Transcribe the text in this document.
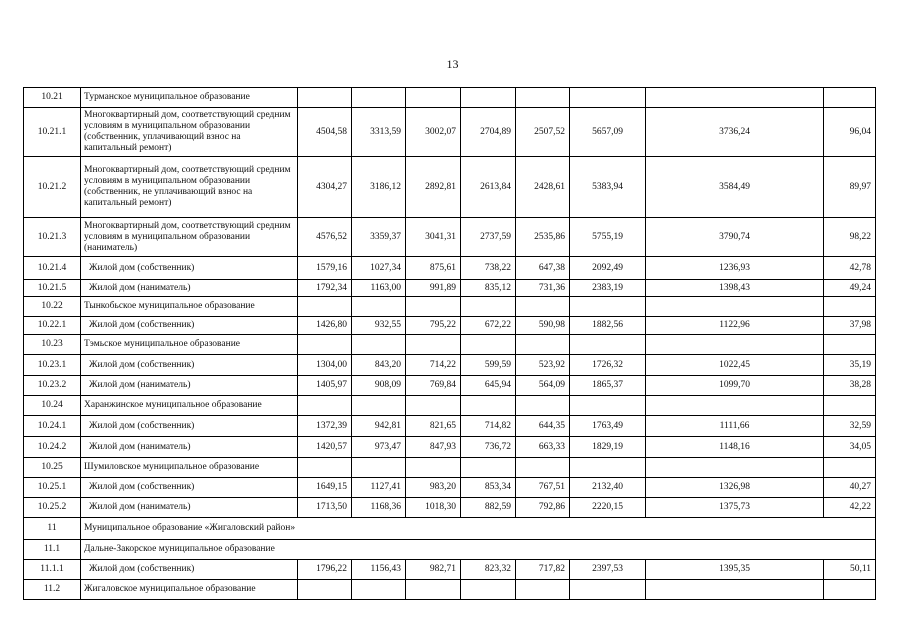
13
10.21	Турманское муниципальное образование								
10.21.1	Многоквартирный дом, соответствующий средним условиям в муниципальном образовании (собственник, уплачивающий взнос на капитальный ремонт)	4504,58	3313,59	3002,07	2704,89	2507,52	5657,09	3736,24	96,04
10.21.2	Многоквартирный дом, соответствующий средним условиям в муниципальном образовании (собственник, не уплачивающий взнос на капитальный ремонт)	4304,27	3186,12	2892,81	2613,84	2428,61	5383,94	3584,49	89,97
10.21.3	Многоквартирный дом, соответствующий средним условиям в муниципальном образовании (наниматель)	4576,52	3359,37	3041,31	2737,59	2535,86	5755,19	3790,74	98,22
10.21.4	Жилой дом (собственник)	1579,16	1027,34	875,61	738,22	647,38	2092,49	1236,93	42,78
10.21.5	Жилой дом (наниматель)	1792,34	1163,00	991,89	835,12	731,36	2383,19	1398,43	49,24
10.22	Тынкобьское муниципальное образование								
10.22.1	Жилой дом (собственник)	1426,80	932,55	795,22	672,22	590,98	1882,56	1122,96	37,98
10.23	Тэмьское муниципальное образование								
10.23.1	Жилой дом (собственник)	1304,00	843,20	714,22	599,59	523,92	1726,32	1022,45	35,19
10.23.2	Жилой дом (наниматель)	1405,97	908,09	769,84	645,94	564,09	1865,37	1099,70	38,28
10.24	Харанжинское муниципальное образование								
10.24.1	Жилой дом (собственник)	1372,39	942,81	821,65	714,82	644,35	1763,49	1111,66	32,59
10.24.2	Жилой дом (наниматель)	1420,57	973,47	847,93	736,72	663,33	1829,19	1148,16	34,05
10.25	Шумиловское муниципальное образование								
10.25.1	Жилой дом (собственник)	1649,15	1127,41	983,20	853,34	767,51	2132,40	1326,98	40,27
10.25.2	Жилой дом (наниматель)	1713,50	1168,36	1018,30	882,59	792,86	2220,15	1375,73	42,22
11	Муниципальное образование «Жигаловский район»								
11.1	Дальне-Закорское муниципальное образование								
11.1.1	Жилой дом (собственник)	1796,22	1156,43	982,71	823,32	717,82	2397,53	1395,35	50,11
11.2	Жигаловское муниципальное образование								
